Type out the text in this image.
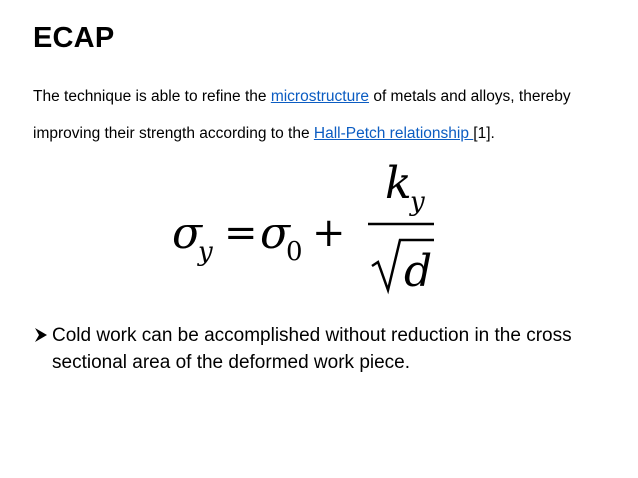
ECAP
The technique is able to refine the microstructure of metals and alloys, thereby improving their strength according to the Hall-Petch relationship [1].
σ
y = σ
0 +
k
y
d
Cold work can be accomplished without reduction in the cross sectional area of the deformed work piece.
